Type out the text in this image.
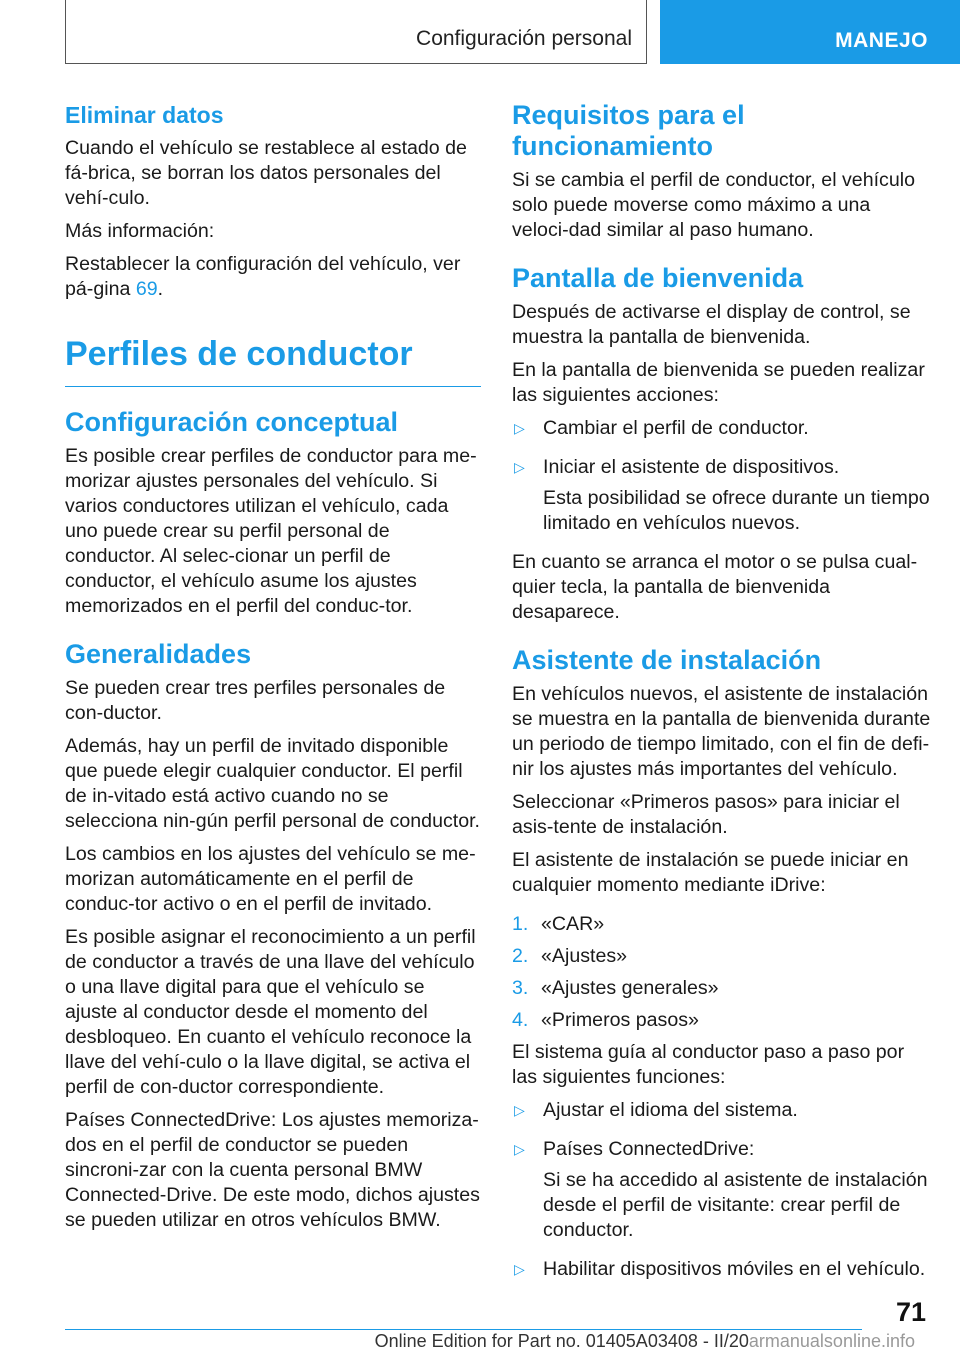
Configuración personal	MANEJO
Eliminar datos

Cuando el vehículo se restablece al estado de fá-brica, se borran los datos personales del vehí-culo.

Más información:

Restablecer la configuración del vehículo, ver pá-gina 69.

Perfiles de conductor
Configuración conceptual

Es posible crear perfiles de conductor para me-morizar ajustes personales del vehículo. Si varios conductores utilizan el vehículo, cada uno puede crear su perfil personal de conductor. Al selec-cionar un perfil de conductor, el vehículo asume los ajustes memorizados en el perfil del conduc-tor.

Generalidades

Se pueden crear tres perfiles personales de con-ductor.

Además, hay un perfil de invitado disponible que puede elegir cualquier conductor. El perfil de in-vitado está activo cuando no se selecciona nin-gún perfil personal de conductor.

Los cambios en los ajustes del vehículo se me-morizan automáticamente en el perfil de conduc-tor activo o en el perfil de invitado.

Es posible asignar el reconocimiento a un perfil de conductor a través de una llave del vehículo o una llave digital para que el vehículo se ajuste al conductor desde el momento del desbloqueo. En cuanto el vehículo reconoce la llave del vehí-culo o la llave digital, se activa el perfil de con-ductor correspondiente.

Países ConnectedDrive: Los ajustes memoriza-dos en el perfil de conductor se pueden sincroni-zar con la cuenta personal BMW Connected-Drive. De este modo, dichos ajustes se pueden utilizar en otros vehículos BMW.

Requisitos para el funcionamiento

Si se cambia el perfil de conductor, el vehículo solo puede moverse como máximo a una veloci-dad similar al paso humano.

Pantalla de bienvenida

Después de activarse el display de control, se muestra la pantalla de bienvenida.

En la pantalla de bienvenida se pueden realizar las siguientes acciones:

▷ Cambiar el perfil de conductor.

▷ Iniciar el asistente de dispositivos.

Esta posibilidad se ofrece durante un tiempo limitado en vehículos nuevos.

En cuanto se arranca el motor o se pulsa cual-quier tecla, la pantalla de bienvenida desaparece.

Asistente de instalación

En vehículos nuevos, el asistente de instalación se muestra en la pantalla de bienvenida durante un periodo de tiempo limitado, con el fin de defi-nir los ajustes más importantes del vehículo.

Seleccionar «Primeros pasos» para iniciar el asis-tente de instalación.

El asistente de instalación se puede iniciar en cualquier momento mediante iDrive:

1. «CAR»
2. «Ajustes»
3. «Ajustes generales»
4. «Primeros pasos»

El sistema guía al conductor paso a paso por las siguientes funciones:

▷ Ajustar el idioma del sistema.

▷ Países ConnectedDrive:

Si se ha accedido al asistente de instalación desde el perfil de visitante: crear perfil de conductor.

▷ Habilitar dispositivos móviles en el vehículo.

71
Online Edition for Part no. 01405A03408 - II/20armanualsonline.info
